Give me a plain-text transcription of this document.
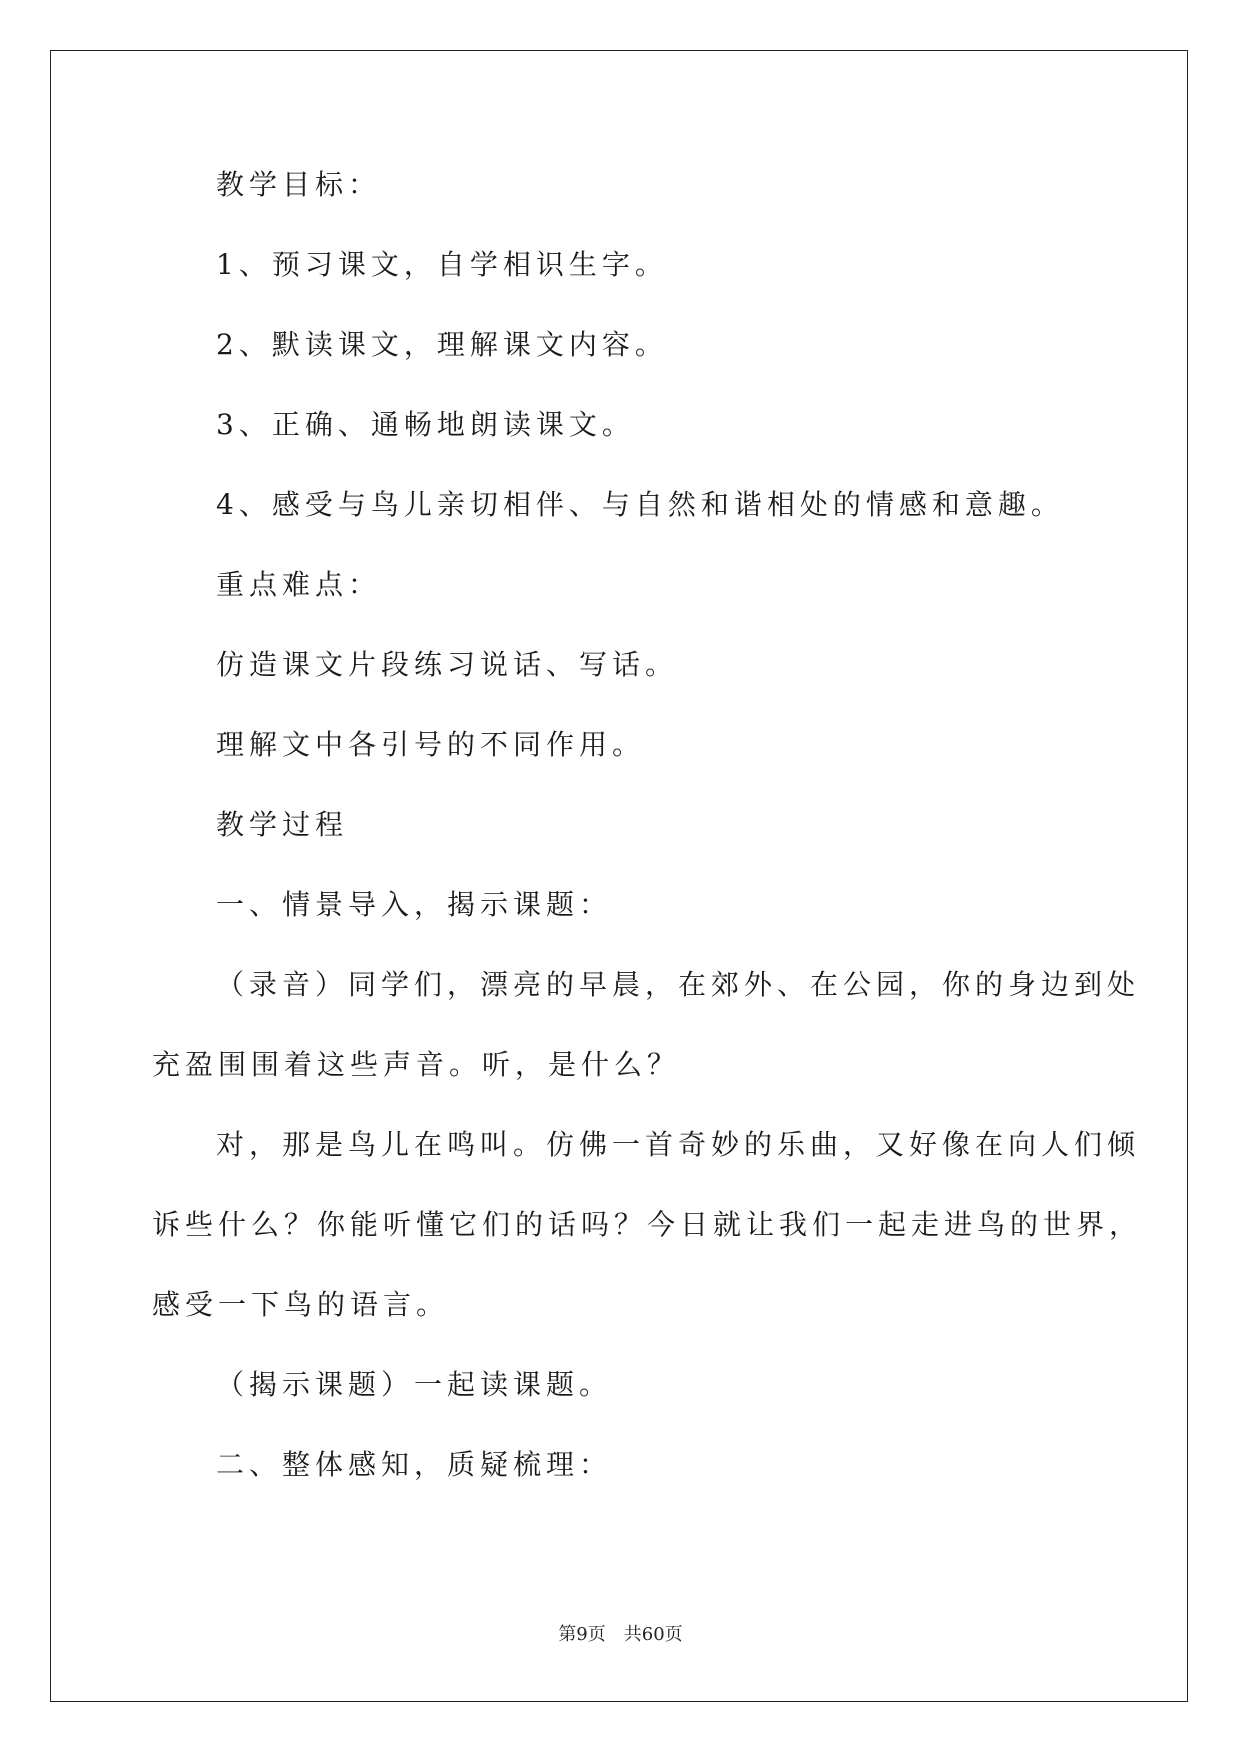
教学目标：
1、预习课文，自学相识生字。
2、默读课文，理解课文内容。
3、正确、通畅地朗读课文。
4、感受与鸟儿亲切相伴、与自然和谐相处的情感和意趣。
重点难点：
仿造课文片段练习说话、写话。
理解文中各引号的不同作用。
教学过程
一、情景导入，揭示课题：
（录音）同学们，漂亮的早晨，在郊外、在公园，你的身边到处
充盈围围着这些声音。听，是什么？
对，那是鸟儿在鸣叫。仿佛一首奇妙的乐曲，又好像在向人们倾
诉些什么？你能听懂它们的话吗？今日就让我们一起走进鸟的世界，
感受一下鸟的语言。
（揭示课题）一起读课题。
二、整体感知，质疑梳理：
第9页 共60页
